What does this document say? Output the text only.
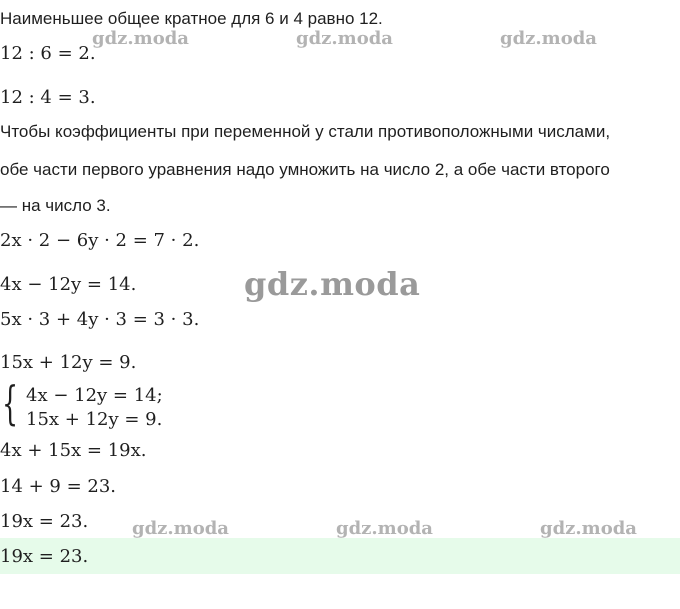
Наименьшее общее кратное для 6 и 4 равно 12.
12 : 6 = 2.
12 : 4 = 3.
Чтобы коэффициенты при переменной y стали противоположными числами,
обе части первого уравнения надо умножить на число 2, а обе части второго
— на число 3.
2x · 2 − 6y · 2 = 7 · 2.
4x − 12y = 14.
5x · 3 + 4y · 3 = 3 · 3.
15x + 12y = 9.
{ 4x − 12y = 14;
15x + 12y = 9.
4x + 15x = 19x.
14 + 9 = 23.
19x = 23.
19x = 23.
gdz.moda	gdz.moda	gdz.moda
gdz.moda
gdz.moda	gdz.moda	gdz.moda
